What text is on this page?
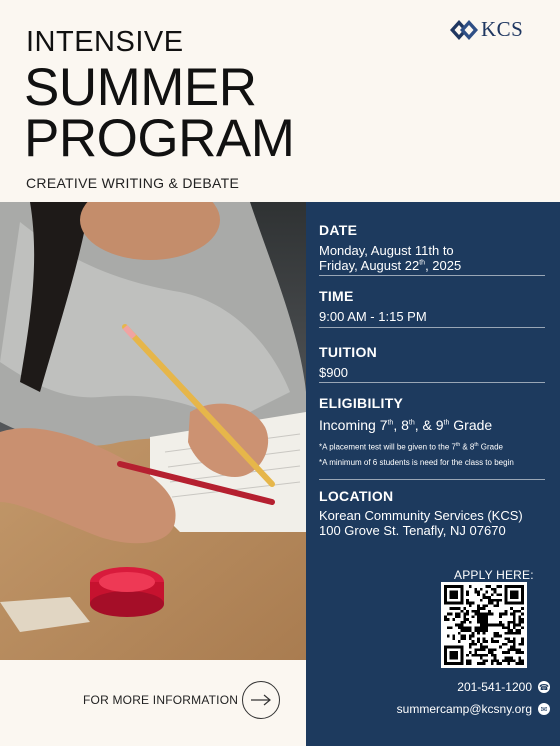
KCS
INTENSIVE
SUMMER
PROGRAM
CREATIVE WRITING & DEBATE
DATE
Monday, August 11th to
Friday, August 22th, 2025
TIME
9:00 AM - 1:15 PM
TUITION
$900
ELIGIBILITY
Incoming 7th, 8th, & 9th Grade
*A placement test will be given to the 7th & 8th Grade
*A minimum of 6 students is need for the class to begin
LOCATION
Korean Community Services (KCS)
100 Grove St. Tenafly, NJ 07670
APPLY HERE:
201-541-1200 ☎
summercamp@kcsny.org	✉
FOR MORE INFORMATION
